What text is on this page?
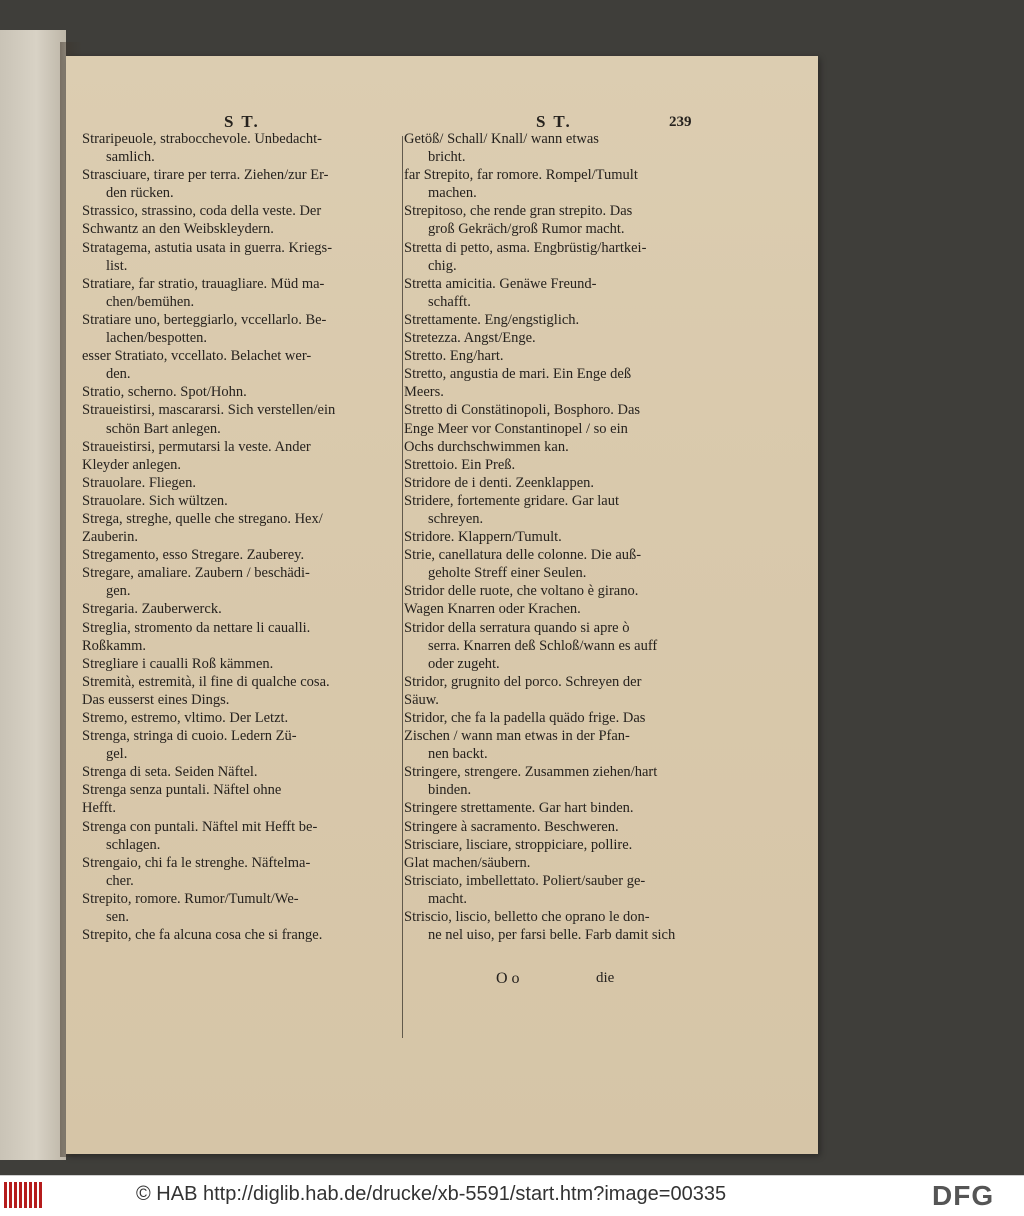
S T.	S T.	239
Straripeuole, strabocchevole. Unbedacht-
samlich.
Strasciuare, tirare per terra. Ziehen/zur Er-
den rücken.
Strassico, strassino, coda della veste. Der
Schwantz an den Weibskleydern.
Stratagema, astutia usata in guerra. Kriegs-
list.
Stratiare, far stratio, trauagliare. Müd ma-
chen/bemühen.
Stratiare uno, berteggiarlo, vccellarlo. Be-
lachen/bespotten.
esser Stratiato, vccellato. Belachet wer-
den.
Stratio, scherno. Spot/Hohn.
Straueistirsi, mascararsi. Sich verstellen/ein
schön Bart anlegen.
Straueistirsi, permutarsi la veste. Ander
Kleyder anlegen.
Strauolare. Fliegen.
Strauolare. Sich wültzen.
Strega, streghe, quelle che stregano. Hex/
Zauberin.
Stregamento, esso Stregare. Zauberey.
Stregare, amaliare. Zaubern / beschädi-
gen.
Stregaria. Zauberwerck.
Streglia, stromento da nettare li caualli.
Roßkamm.
Stregliare i caualli Roß kämmen.
Stremità, estremità, il fine di qualche cosa.
Das eusserst eines Dings.
Stremo, estremo, vltimo. Der Letzt.
Strenga, stringa di cuoio. Ledern Zü-
gel.
Strenga di seta. Seiden Näftel.
Strenga senza puntali. Näftel ohne
Hefft.
Strenga con puntali. Näftel mit Hefft be-
schlagen.
Strengaio, chi fa le strenghe. Näftelma-
cher.
Strepito, romore. Rumor/Tumult/We-
sen.
Strepito, che fa alcuna cosa che si frange.
Getöß/ Schall/ Knall/ wann etwas
bricht.
far Strepito, far romore. Rompel/Tumult
machen.
Strepitoso, che rende gran strepito. Das
groß Gekräch/groß Rumor macht.
Stretta di petto, asma. Engbrüstig/hartkei-
chig.
Stretta amicitia. Genäwe Freund-
schafft.
Strettamente. Eng/engstiglich.
Stretezza. Angst/Enge.
Stretto. Eng/hart.
Stretto, angustia de mari. Ein Enge deß
Meers.
Stretto di Constätinopoli, Bosphoro. Das
Enge Meer vor Constantinopel / so ein
Ochs durchschwimmen kan.
Strettoio. Ein Preß.
Stridore de i denti. Zeenklappen.
Stridere, fortemente gridare. Gar laut
schreyen.
Stridore. Klappern/Tumult.
Strie, canellatura delle colonne. Die auß-
geholte Streff einer Seulen.
Stridor delle ruote, che voltano è girano.
Wagen Knarren oder Krachen.
Stridor della serratura quando si apre ò
serra. Knarren deß Schloß/wann es auff
oder zugeht.
Stridor, grugnito del porco. Schreyen der
Säuw.
Stridor, che fa la padella quädo frige. Das
Zischen / wann man etwas in der Pfan-
nen backt.
Stringere, strengere. Zusammen ziehen/hart
binden.
Stringere strettamente. Gar hart binden.
Stringere à sacramento. Beschweren.
Strisciare, lisciare, stroppiciare, pollire.
Glat machen/säubern.
Strisciato, imbellettato. Poliert/sauber ge-
macht.
Striscio, liscio, belletto che oprano le don-
ne nel uiso, per farsi belle. Farb damit sich
Oo	die
© HAB http://diglib.hab.de/drucke/xb-5591/start.htm?image=00335	DFG
